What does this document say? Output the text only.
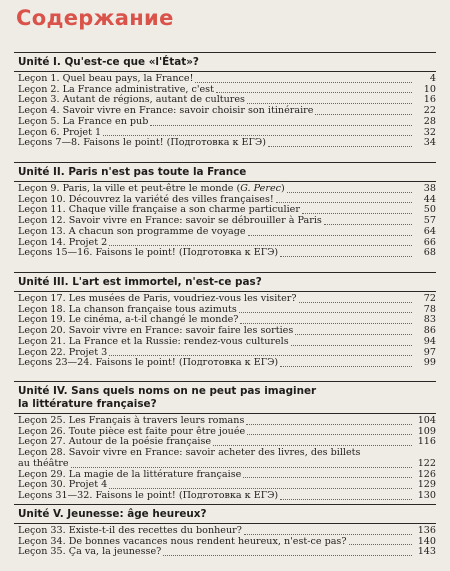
Содержание
Unité I. Qu'est-ce que «l'État»?
Leçon 1. Quel beau pays, la France!	4
Leçon 2. La France administrative, c'est	10
Leçon 3. Autant de régions, autant de cultures	16
Leçon 4. Savoir vivre en France: savoir choisir son itinéraire	22
Leçon 5. La France en pub	28
Leçon 6. Projet 1	32
Leçons 7—8. Faisons le point! (Подготовка к ЕГЭ)	34
Unité II. Paris n'est pas toute la France
Leçon 9. Paris, la ville et peut-être le monde (G. Perec)	38
Leçon 10. Découvrez la variété des villes françaises!	44
Leçon 11. Chaque ville française a son charme particulier	50
Leçon 12. Savoir vivre en France: savoir se débrouiller à Paris	57
Leçon 13. A chacun son programme de voyage	64
Leçon 14. Projet 2	66
Leçons 15—16. Faisons le point! (Подготовка к ЕГЭ)	68
Unité III. L'art est immortel, n'est-ce pas?
Leçon 17. Les musées de Paris, voudriez-vous les visiter?	72
Leçon 18. La chanson française tous azimuts	78
Leçon 19. Le cinéma, a-t-il changé le monde?	83
Leçon 20. Savoir vivre en France: savoir faire les sorties	86
Leçon 21. La France et la Russie: rendez-vous culturels	94
Leçon 22. Projet 3	97
Leçons 23—24. Faisons le point! (Подготовка к ЕГЭ)	99
Unité IV. Sans quels noms on ne peut pas imaginer
la littérature française?
Leçon 25. Les Français à travers leurs romans	104
Leçon 26. Toute pièce est faite pour être jouée	109
Leçon 27. Autour de la poésie française	116
Leçon 28. Savoir vivre en France: savoir acheter des livres, des billets
au théâtre	122
Leçon 29. La magie de la littérature française	126
Leçon 30. Projet 4	129
Leçons 31—32. Faisons le point! (Подготовка к ЕГЭ)	130
Unité V. Jeunesse: âge heureux?
Leçon 33. Existe-t-il des recettes du bonheur?	136
Leçon 34. De bonnes vacances nous rendent heureux, n'est-ce pas?	140
Leçon 35. Ça va, la jeunesse?	143
